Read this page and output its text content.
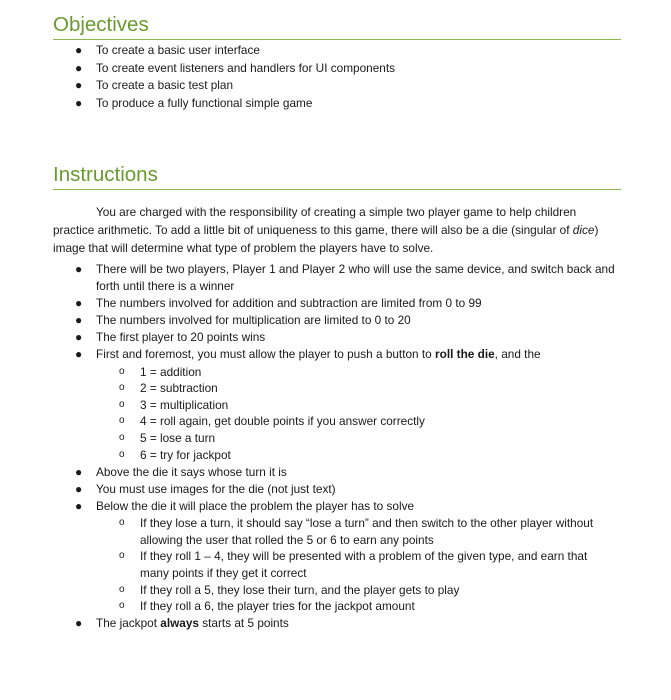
Objectives
● To create a basic user interface
● To create event listeners and handlers for UI components
● To create a basic test plan
● To produce a fully functional simple game
Instructions

You are charged with the responsibility of creating a simple two player game to help children practice arithmetic. To add a little bit of uniqueness to this game, there will also be a die (singular of dice) image that will determine what type of problem the players have to solve.

● There will be two players, Player 1 and Player 2 who will use the same device, and switch back and forth until there is a winner
● The numbers involved for addition and subtraction are limited from 0 to 99
● The numbers involved for multiplication are limited to 0 to 20
● The first player to 20 points wins
● First and foremost, you must allow the player to push a button to roll the die, and the
o 1 = addition
o 2 = subtraction
o 3 = multiplication
o 4 = roll again, get double points if you answer correctly
o 5 = lose a turn
o 6 = try for jackpot
● Above the die it says whose turn it is
● You must use images for the die (not just text)
● Below the die it will place the problem the player has to solve
o If they lose a turn, it should say “lose a turn” and then switch to the other player without allowing the user that rolled the 5 or 6 to earn any points
o If they roll 1 – 4, they will be presented with a problem of the given type, and earn that many points if they get it correct
o If they roll a 5, they lose their turn, and the player gets to play
o If they roll a 6, the player tries for the jackpot amount
● The jackpot always starts at 5 points
